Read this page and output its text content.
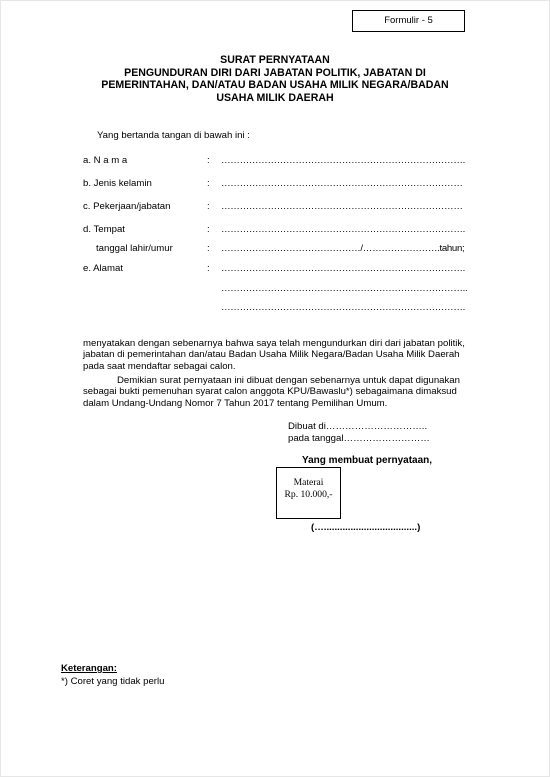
Formulir - 5
SURAT PERNYATAAN
PENGUNDURAN DIRI DARI JABATAN POLITIK, JABATAN DI
PEMERINTAHAN, DAN/ATAU BADAN USAHA MILIK NEGARA/BADAN
USAHA MILIK DAERAH
Yang bertanda tangan di bawah ini :
a. N a m a	: …………………………………………………………………….
b. Jenis kelamin	: ……………………………………………………………………
c. Pekerjaan/jabatan	: ……………………………………………………………………
d. Tempat	: …………………………………………………………………….
tanggal lahir/umur	: ………………………………………/…………………….tahun;
e. Alamat	: …………………………………………………………………….
……………………………………………………………………..
…………………………………………………………………….
menyatakan dengan sebenarnya bahwa saya telah mengundurkan diri dari jabatan politik,
jabatan di pemerintahan dan/atau Badan Usaha Milik Negara/Badan Usaha Milik Daerah
pada saat mendaftar sebagai calon.
Demikian surat pernyataan ini dibuat dengan sebenarnya untuk dapat digunakan
sebagai bukti pemenuhan syarat calon anggota KPU/Bawaslu*) sebagaimana dimaksud
dalam Undang-Undang Nomor 7 Tahun 2017 tentang Pemilihan Umum.
Dibuat di…………………………..
pada tanggal………………………
Yang membuat pernyataan,
Materai
Rp. 10.000,-
(…...................................)
Keterangan:
*) Coret yang tidak perlu
